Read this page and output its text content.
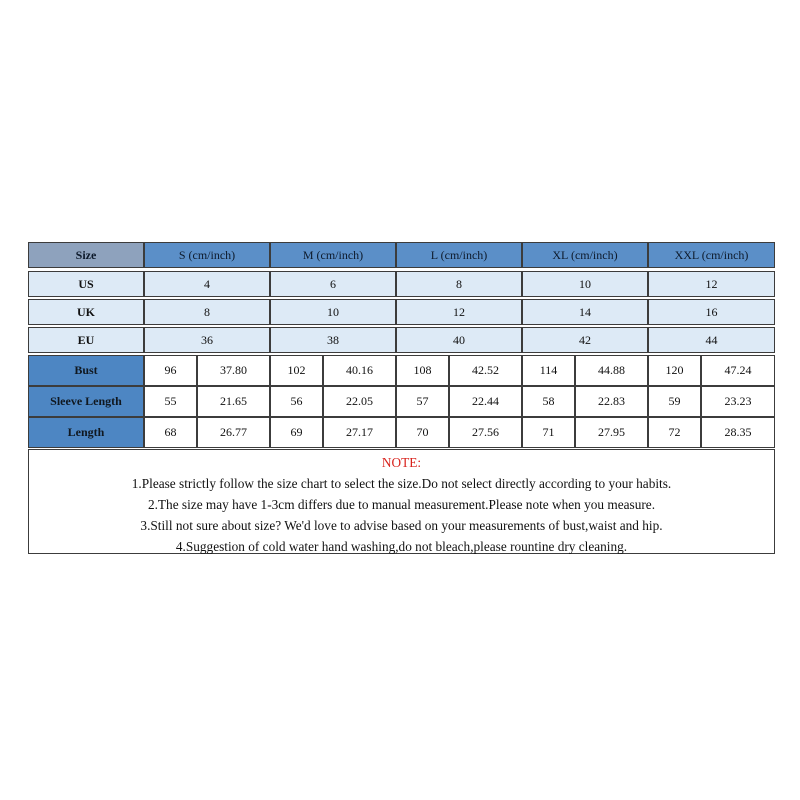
Size	S (cm/inch)	M (cm/inch)	L (cm/inch)	XL (cm/inch)	XXL (cm/inch)
US	4	6	8	10	12
UK	8	10	12	14	16
EU	36	38	40	42	44
Bust	96	37.80	102	40.16	108	42.52	114	44.88	120	47.24
Sleeve Length	55	21.65	56	22.05	57	22.44	58	22.83	59	23.23
Length	68	26.77	69	27.17	70	27.56	71	27.95	72	28.35
NOTE:
1.Please strictly follow the size chart to select the size.Do not select directly according to your habits.
2.The size may have 1-3cm differs due to manual measurement.Please note when you measure.
3.Still not sure about size? We'd love to advise based on your measurements of bust,waist and hip.
4.Suggestion of cold water hand washing,do not bleach,please rountine dry cleaning.
